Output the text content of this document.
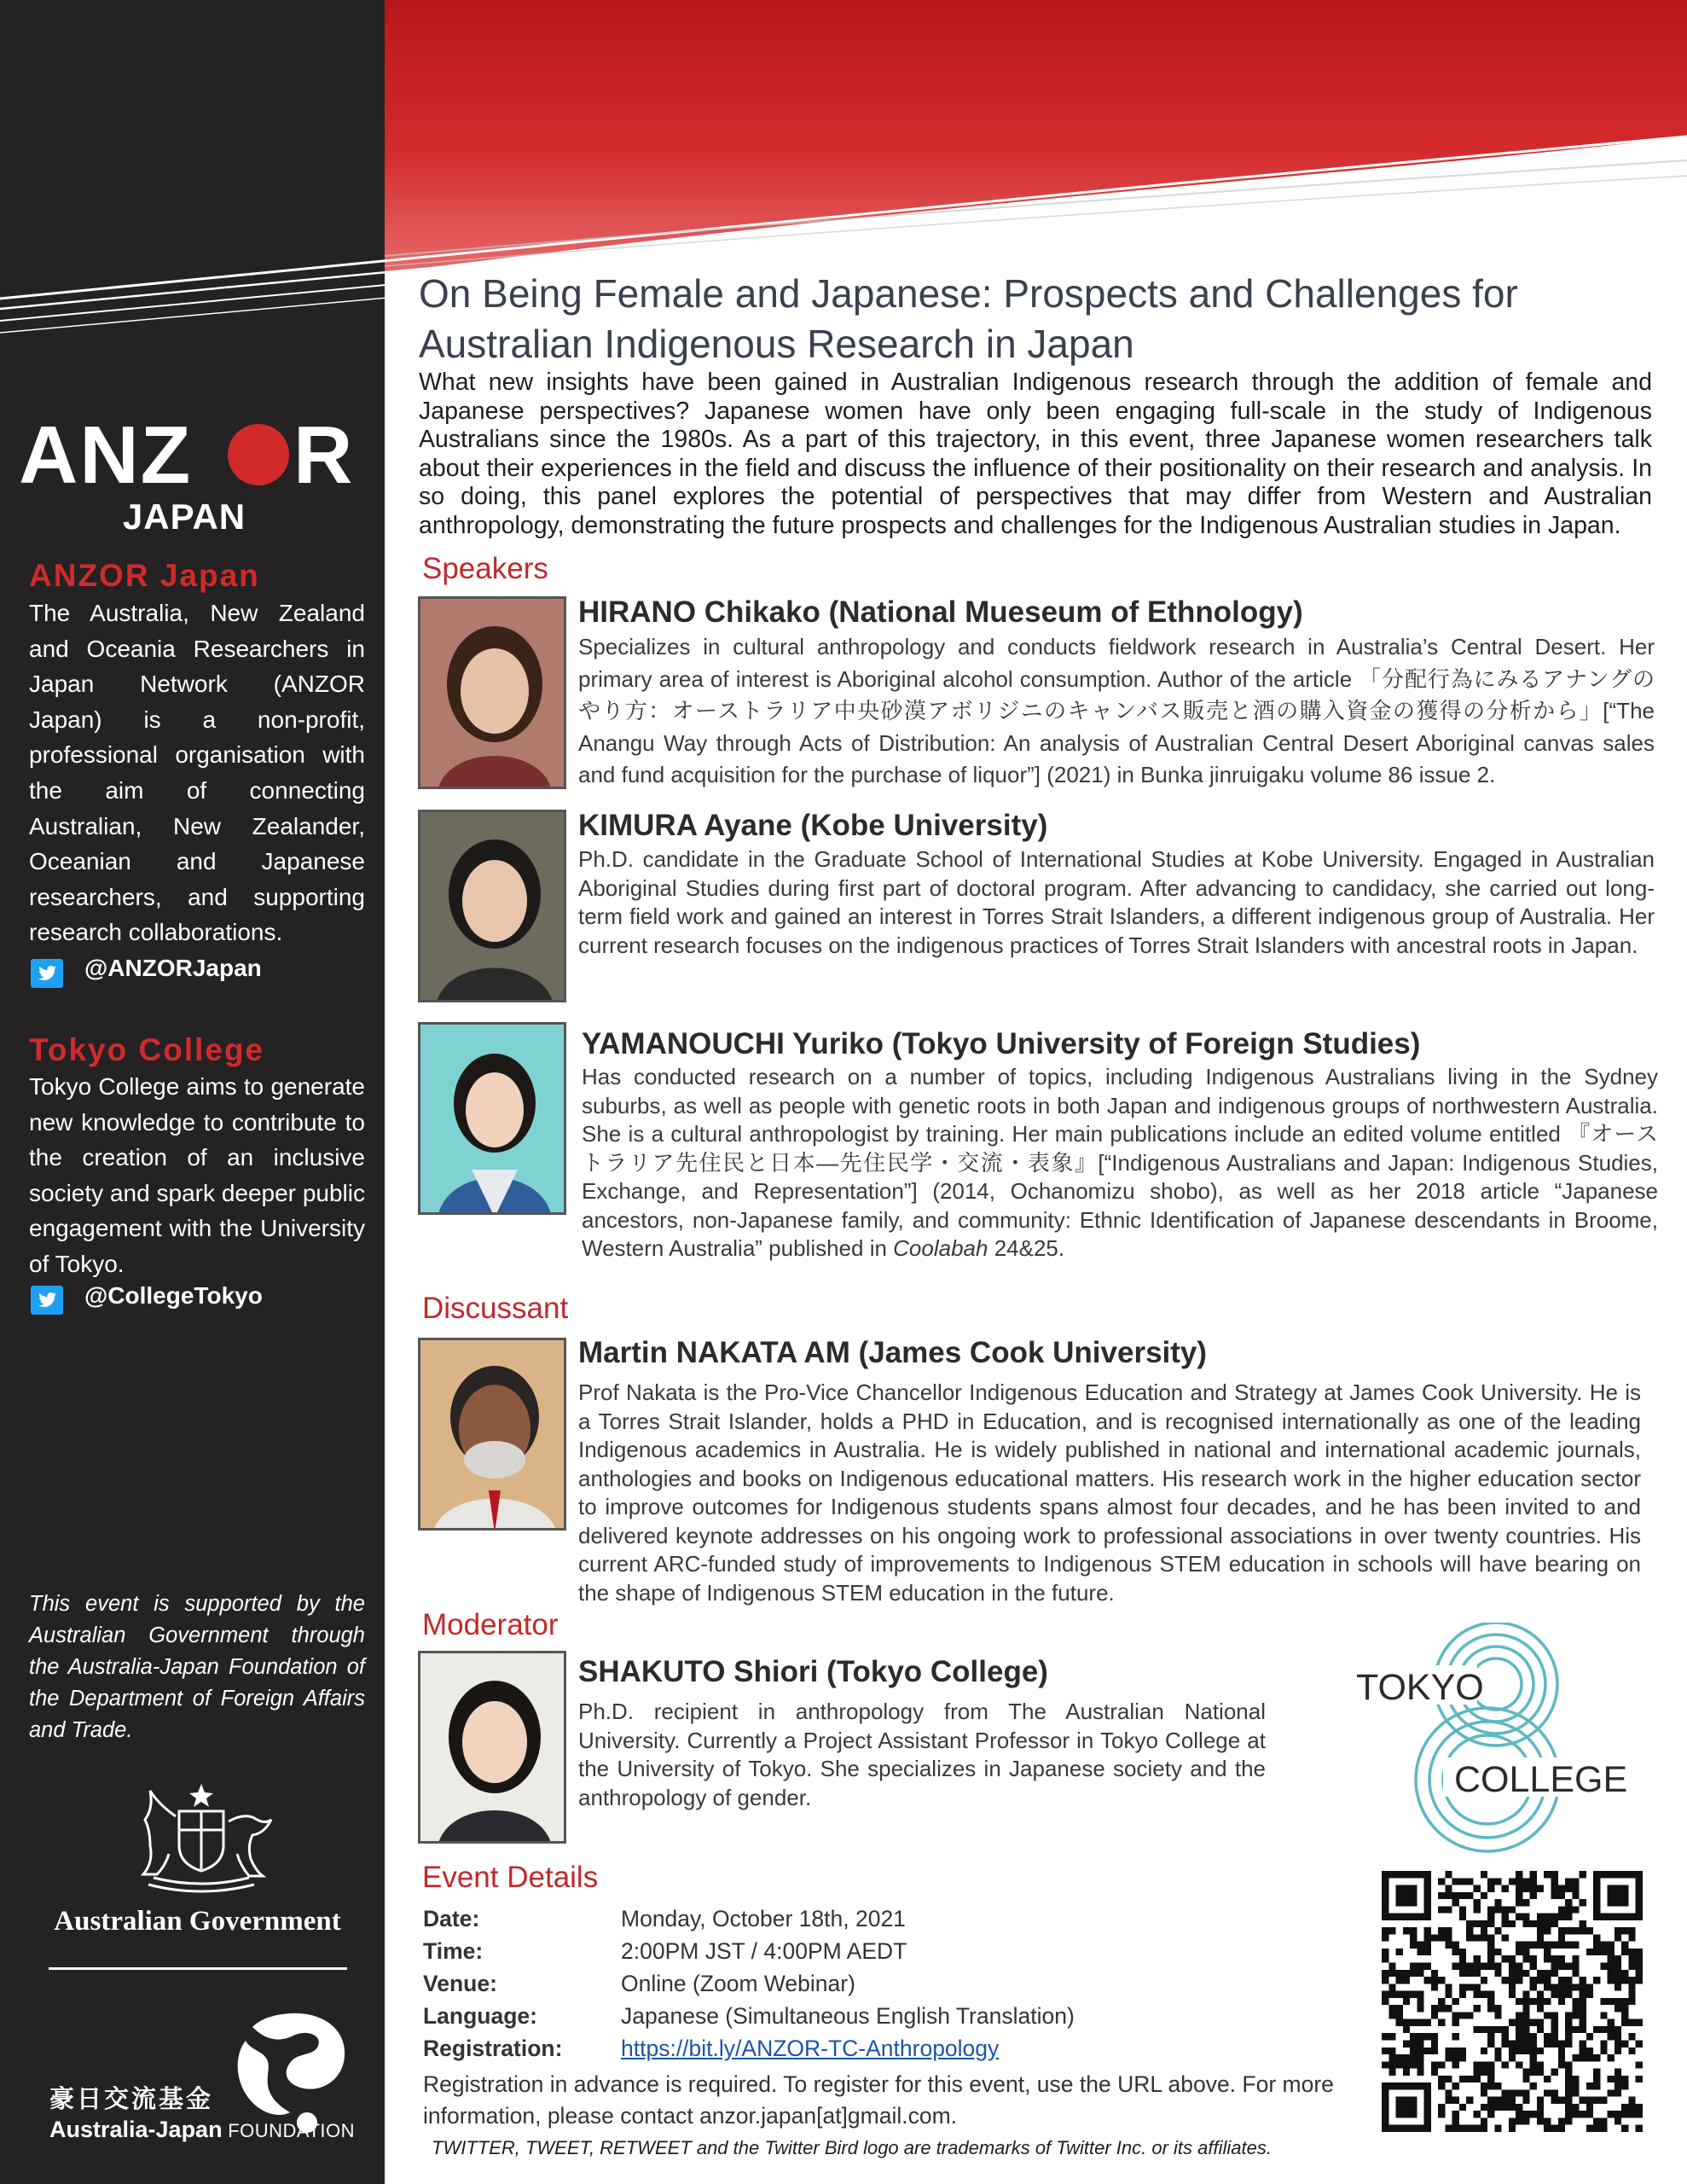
ANZ R
JAPAN
ANZOR Japan
The Australia, New Zealand and Oceania Researchers in Japan Network (ANZOR Japan) is a non-profit, professional organisation with the aim of connecting Australian, New Zealander, Oceanian and Japanese researchers, and supporting research collaborations.
@ANZORJapan
Tokyo College
Tokyo College aims to generate new knowledge to contribute to the creation of an inclusive society and spark deeper public engagement with the University of Tokyo.
@CollegeTokyo
This event is supported by the Australian Government through the Australia-Japan Foundation of the Department of Foreign Affairs and Trade.
Australian Government
豪日交流基金
Australia-Japan FOUNDATION
On Being Female and Japanese: Prospects and Challenges for Australian Indigenous Research in Japan
What new insights have been gained in Australian Indigenous research through the addition of female and Japanese perspectives? Japanese women have only been engaging full-scale in the study of Indigenous Australians since the 1980s. As a part of this trajectory, in this event, three Japanese women researchers talk about their experiences in the field and discuss the influence of their positionality on their research and analysis. In so doing, this panel explores the potential of perspectives that may differ from Western and Australian anthropology, demonstrating the future prospects and challenges for the Indigenous Australian studies in Japan.
Speakers
HIRANO Chikako (National Mueseum of Ethnology)
Specializes in cultural anthropology and conducts fieldwork research in Australia’s Central Desert. Her primary area of interest is Aboriginal alcohol consumption. Author of the article 「分配行為にみるアナングのやり方：オーストラリア中央砂漠アボリジニのキャンバス販売と酒の購入資金の獲得の分析から」[“The Anangu Way through Acts of Distribution: An analysis of Australian Central Desert Aboriginal canvas sales and fund acquisition for the purchase of liquor”] (2021) in Bunka jinruigaku volume 86 issue 2.
KIMURA Ayane (Kobe University)
Ph.D. candidate in the Graduate School of International Studies at Kobe University. Engaged in Australian Aboriginal Studies during first part of doctoral program. After advancing to candidacy, she carried out long-term field work and gained an interest in Torres Strait Islanders, a different indigenous group of Australia. Her current research focuses on the indigenous practices of Torres Strait Islanders with ancestral roots in Japan.
YAMANOUCHI Yuriko (Tokyo University of Foreign Studies)
Has conducted research on a number of topics, including Indigenous Australians living in the Sydney suburbs, as well as people with genetic roots in both Japan and indigenous groups of northwestern Australia. She is a cultural anthropologist by training. Her main publications include an edited volume entitled 『オーストラリア先住民と日本―先住民学・交流・表象』[“Indigenous Australians and Japan: Indigenous Studies, Exchange, and Representation”] (2014, Ochanomizu shobo), as well as her 2018 article “Japanese ancestors, non-Japanese family, and community: Ethnic Identification of Japanese descendants in Broome, Western Australia” published in Coolabah 24&25.
Discussant
Martin NAKATA AM (James Cook University)
Prof Nakata is the Pro-Vice Chancellor Indigenous Education and Strategy at James Cook University. He is a Torres Strait Islander, holds a PHD in Education, and is recognised internationally as one of the leading Indigenous academics in Australia. He is widely published in national and international academic journals, anthologies and books on Indigenous educational matters. His research work in the higher education sector to improve outcomes for Indigenous students spans almost four decades, and he has been invited to and delivered keynote addresses on his ongoing work to professional associations in over twenty countries. His current ARC-funded study of improvements to Indigenous STEM education in schools will have bearing on the shape of Indigenous STEM education in the future.
Moderator
SHAKUTO Shiori (Tokyo College)
Ph.D. recipient in anthropology from The Australian National University. Currently a Project Assistant Professor in Tokyo College at the University of Tokyo. She specializes in Japanese society and the anthropology of gender.
TOKYO
COLLEGE
Event Details
Date:	Monday, October 18th, 2021
Time:	2:00PM JST / 4:00PM AEDT
Venue:	Online (Zoom Webinar)
Language:	Japanese (Simultaneous English Translation)
Registration:	https://bit.ly/ANZOR-TC-Anthropology
Registration in advance is required. To register for this event, use the URL above. For more information, please contact anzor.japan[at]gmail.com.
TWITTER, TWEET, RETWEET and the Twitter Bird logo are trademarks of Twitter Inc. or its affiliates.
